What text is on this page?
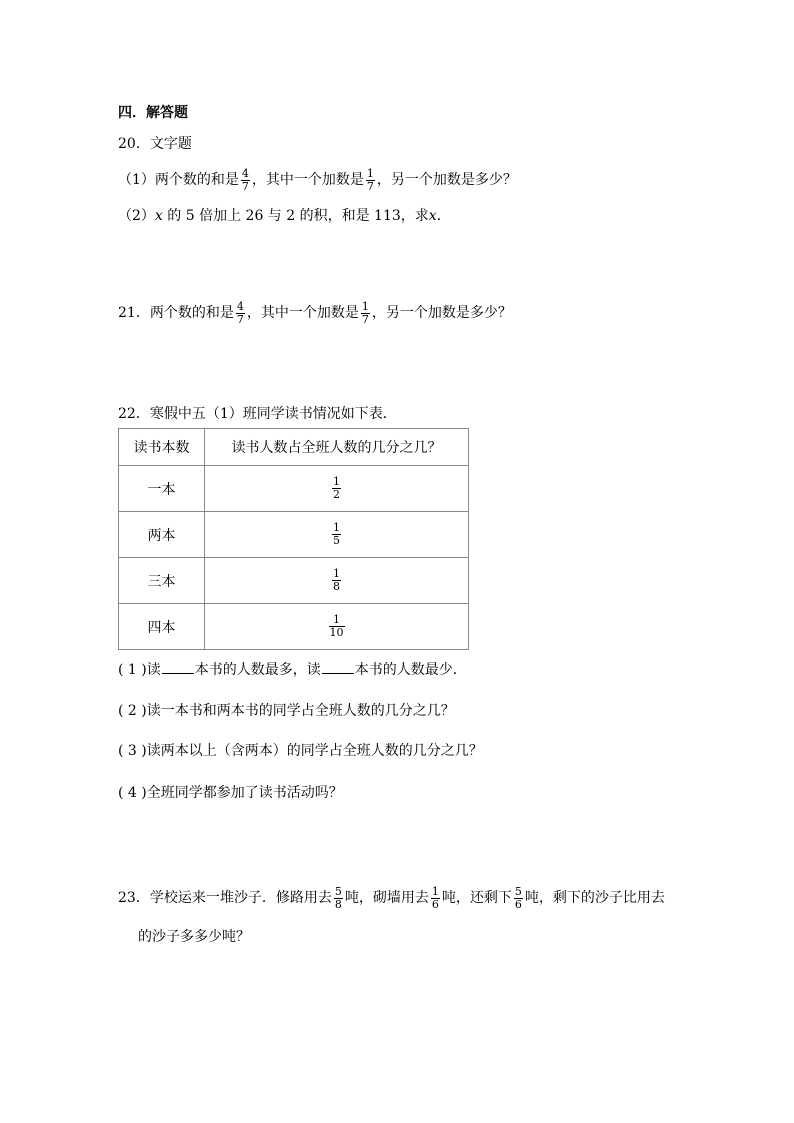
四．解答题
20．文字题
（1）两个数的和是 $\frac{4}{7}$ ，其中一个加数是 $\frac{1}{7}$ ，另一个加数是多少？
（2）x 的 5 倍加上 26 与 2 的积，和是 113，求x．
21．两个数的和是 $\frac{4}{7}$ ，其中一个加数是 $\frac{1}{7}$ ，另一个加数是多少？
22．寒假中五（1）班同学读书情况如下表．
读书本数	读书人数占全班人数的几分之几？
一本	$\frac{1}{2}$

两本	$\frac{1}{5}$

三本	$\frac{1}{8}$

四本	$\frac{1}{10}$
( 1 )读 本书的人数最多，读 本书的人数最少．
( 2 )读一本书和两本书的同学占全班人数的几分之几？
( 3 )读两本以上（含两本）的同学占全班人数的几分之几？
( 4 )全班同学都参加了读书活动吗？
23．学校运来一堆沙子．修路用去 $\frac{5}{8}$ 吨，砌墙用去 $\frac{1}{6}$ 吨，还剩下 $\frac{5}{6}$ 吨，剩下的沙子比用去
的沙子多多少吨？
